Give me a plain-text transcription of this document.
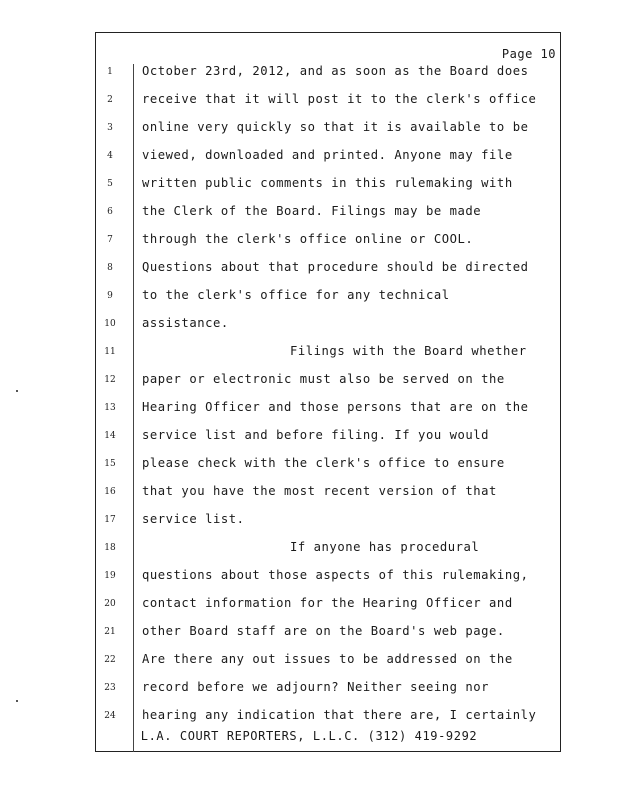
Page 10
1	October 23rd, 2012, and as soon as the Board does
2	receive that it will post it to the clerk's office
3	online very quickly so that it is available to be
4	viewed, downloaded and printed. Anyone may file
5	written public comments in this rulemaking with
6	the Clerk of the Board. Filings may be made
7	through the clerk's office online or COOL.
8	Questions about that procedure should be directed
9	to the clerk's office for any technical
10	assistance.
11	Filings with the Board whether
12	paper or electronic must also be served on the
13	Hearing Officer and those persons that are on the
14	service list and before filing. If you would
15	please check with the clerk's office to ensure
16	that you have the most recent version of that
17	service list.
18	If anyone has procedural
19	questions about those aspects of this rulemaking,
20	contact information for the Hearing Officer and
21	other Board staff are on the Board's web page.
22	Are there any out issues to be addressed on the
23	record before we adjourn? Neither seeing nor
24	hearing any indication that there are, I certainly
L.A. COURT REPORTERS, L.L.C. (312) 419-9292
